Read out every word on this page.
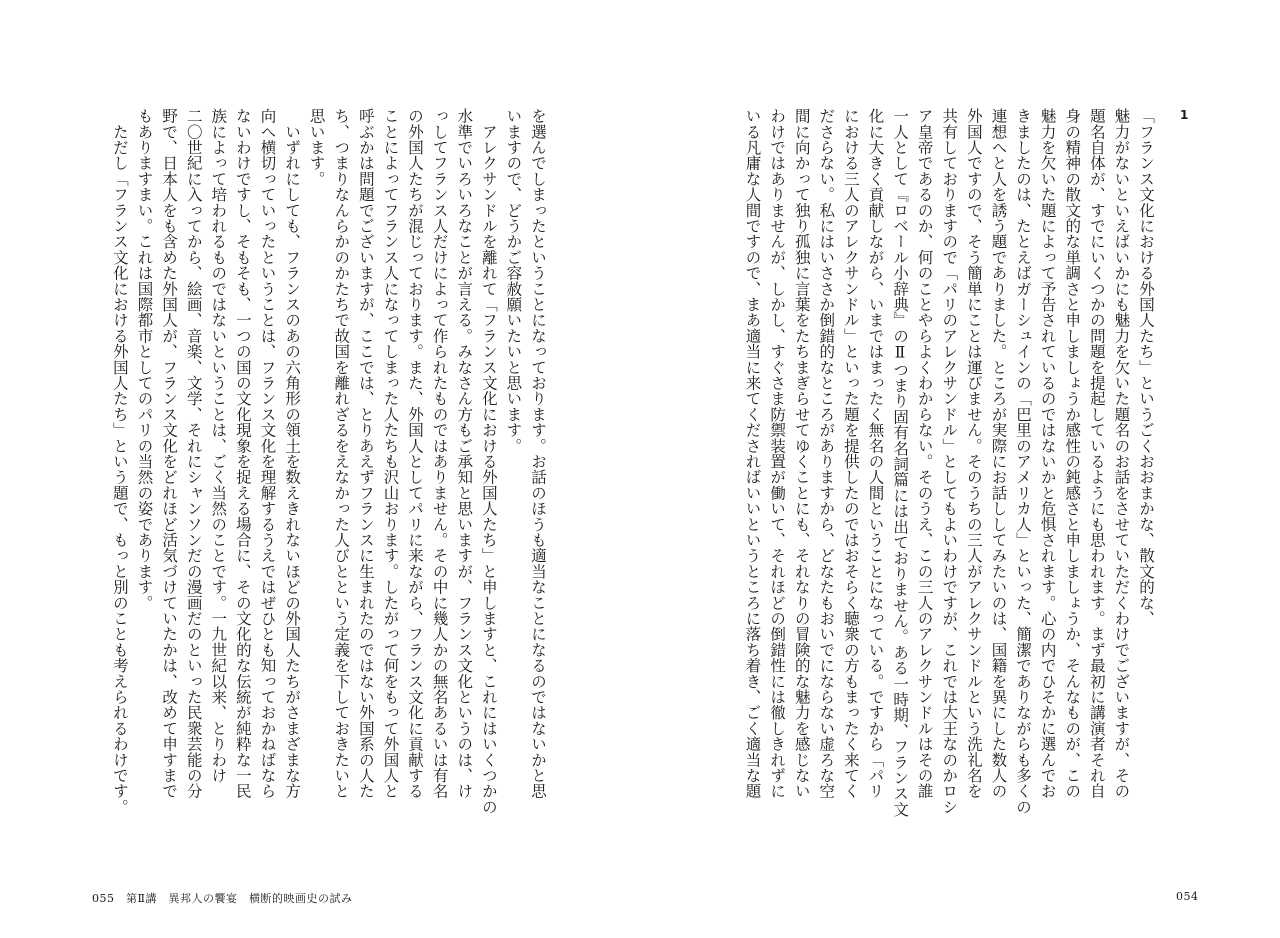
1

「フランス文化における外国人たち」というごくおおまかな、散文的な、

魅力がないといえばいかにも魅力を欠いた題名のお話をさせていただくわけでございますが、その

題名自体が、すでにいくつかの問題を提起しているようにも思われます。まず最初に講演者それ自

身の精神の散文的な単調さと申しましょうか感性の鈍感さと申しましょうか、そんなものが、この

魅力を欠いた題によって予告されているのではないかと危惧されます。心の内でひそかに選んでお

きましたのは、たとえばガーシュインの「巴里のアメリカ人」といった、簡潔でありながらも多くの

連想へと人を誘う題でありました。ところが実際にお話ししてみたいのは、国籍を異にした数人の

外国人ですので、そう簡単にことは運びません。そのうちの三人がアレクサンドルという洗礼名を

共有しておりますので「パリのアレクサンドル」としてもよいわけですが、これでは大王なのかロシ

ア皇帝であるのか、何のことやらよくわからない。そのうえ、この三人のアレクサンドルはその誰

一人として『ロベール小辞典』のⅡつまり固有名詞篇には出ておりません。ある一時期、フランス文

化に大きく貢献しながら、いまではまったく無名の人間ということになっている。ですから「パリ

における三人のアレクサンドル」といった題を提供したのではおそらく聴衆の方もまったく来てく

ださらない。私にはいささか倒錯的なところがありますから、どなたもおいでにならない虚ろな空

間に向かって独り孤独に言葉をたちまぎらせてゆくことにも、それなりの冒険的な魅力を感じない

わけではありませんが、しかし、すぐさま防禦装置が働いて、それほどの倒錯性には徹しきれずに

いる凡庸な人間ですので、まあ適当に来てくださればいいというところに落ち着き、ごく適当な題

を選んでしまったということになっております。お話のほうも適当なことになるのではないかと思

いますので、どうかご容赦願いたいと思います。

　アレクサンドルを離れて「フランス文化における外国人たち」と申しますと、これにはいくつかの

水準でいろいろなことが言える。みなさん方もご承知と思いますが、フランス文化というのは、け

っしてフランス人だけによって作られたものではありません。その中に幾人かの無名あるいは有名

の外国人たちが混じっております。また、外国人としてパリに来ながら、フランス文化に貢献する

ことによってフランス人になってしまった人たちも沢山おります。したがって何をもって外国人と

呼ぶかは問題でございますが、ここでは、とりあえずフランスに生まれたのではない外国系の人た

ち、つまりなんらかのかたちで故国を離れざるをえなかった人びとという定義を下しておきたいと

思います。

　いずれにしても、フランスのあの六角形の領土を数えきれないほどの外国人たちがさまざまな方

向へ横切っていったということは、フランス文化を理解するうえではぜひとも知っておかねばなら

ないわけですし、そもそも、一つの国の文化現象を捉える場合に、その文化的な伝統が純粋な一民

族によって培われるものではないということは、ごく当然のことです。一九世紀以来、とりわけ

二〇世紀に入ってから、絵画、音楽、文学、それにシャンソンだの漫画だのといった民衆芸能の分

野で、日本人をも含めた外国人が、フランス文化をどれほど活気づけていたかは、改めて申すまで

もありますまい。これは国際都市としてのパリの当然の姿であります。

　ただし「フランス文化における外国人たち」という題で、もっと別のことも考えられるわけです。

055　 第Ⅱ講　異邦人の饗宴　横断的映画史の試み	054
